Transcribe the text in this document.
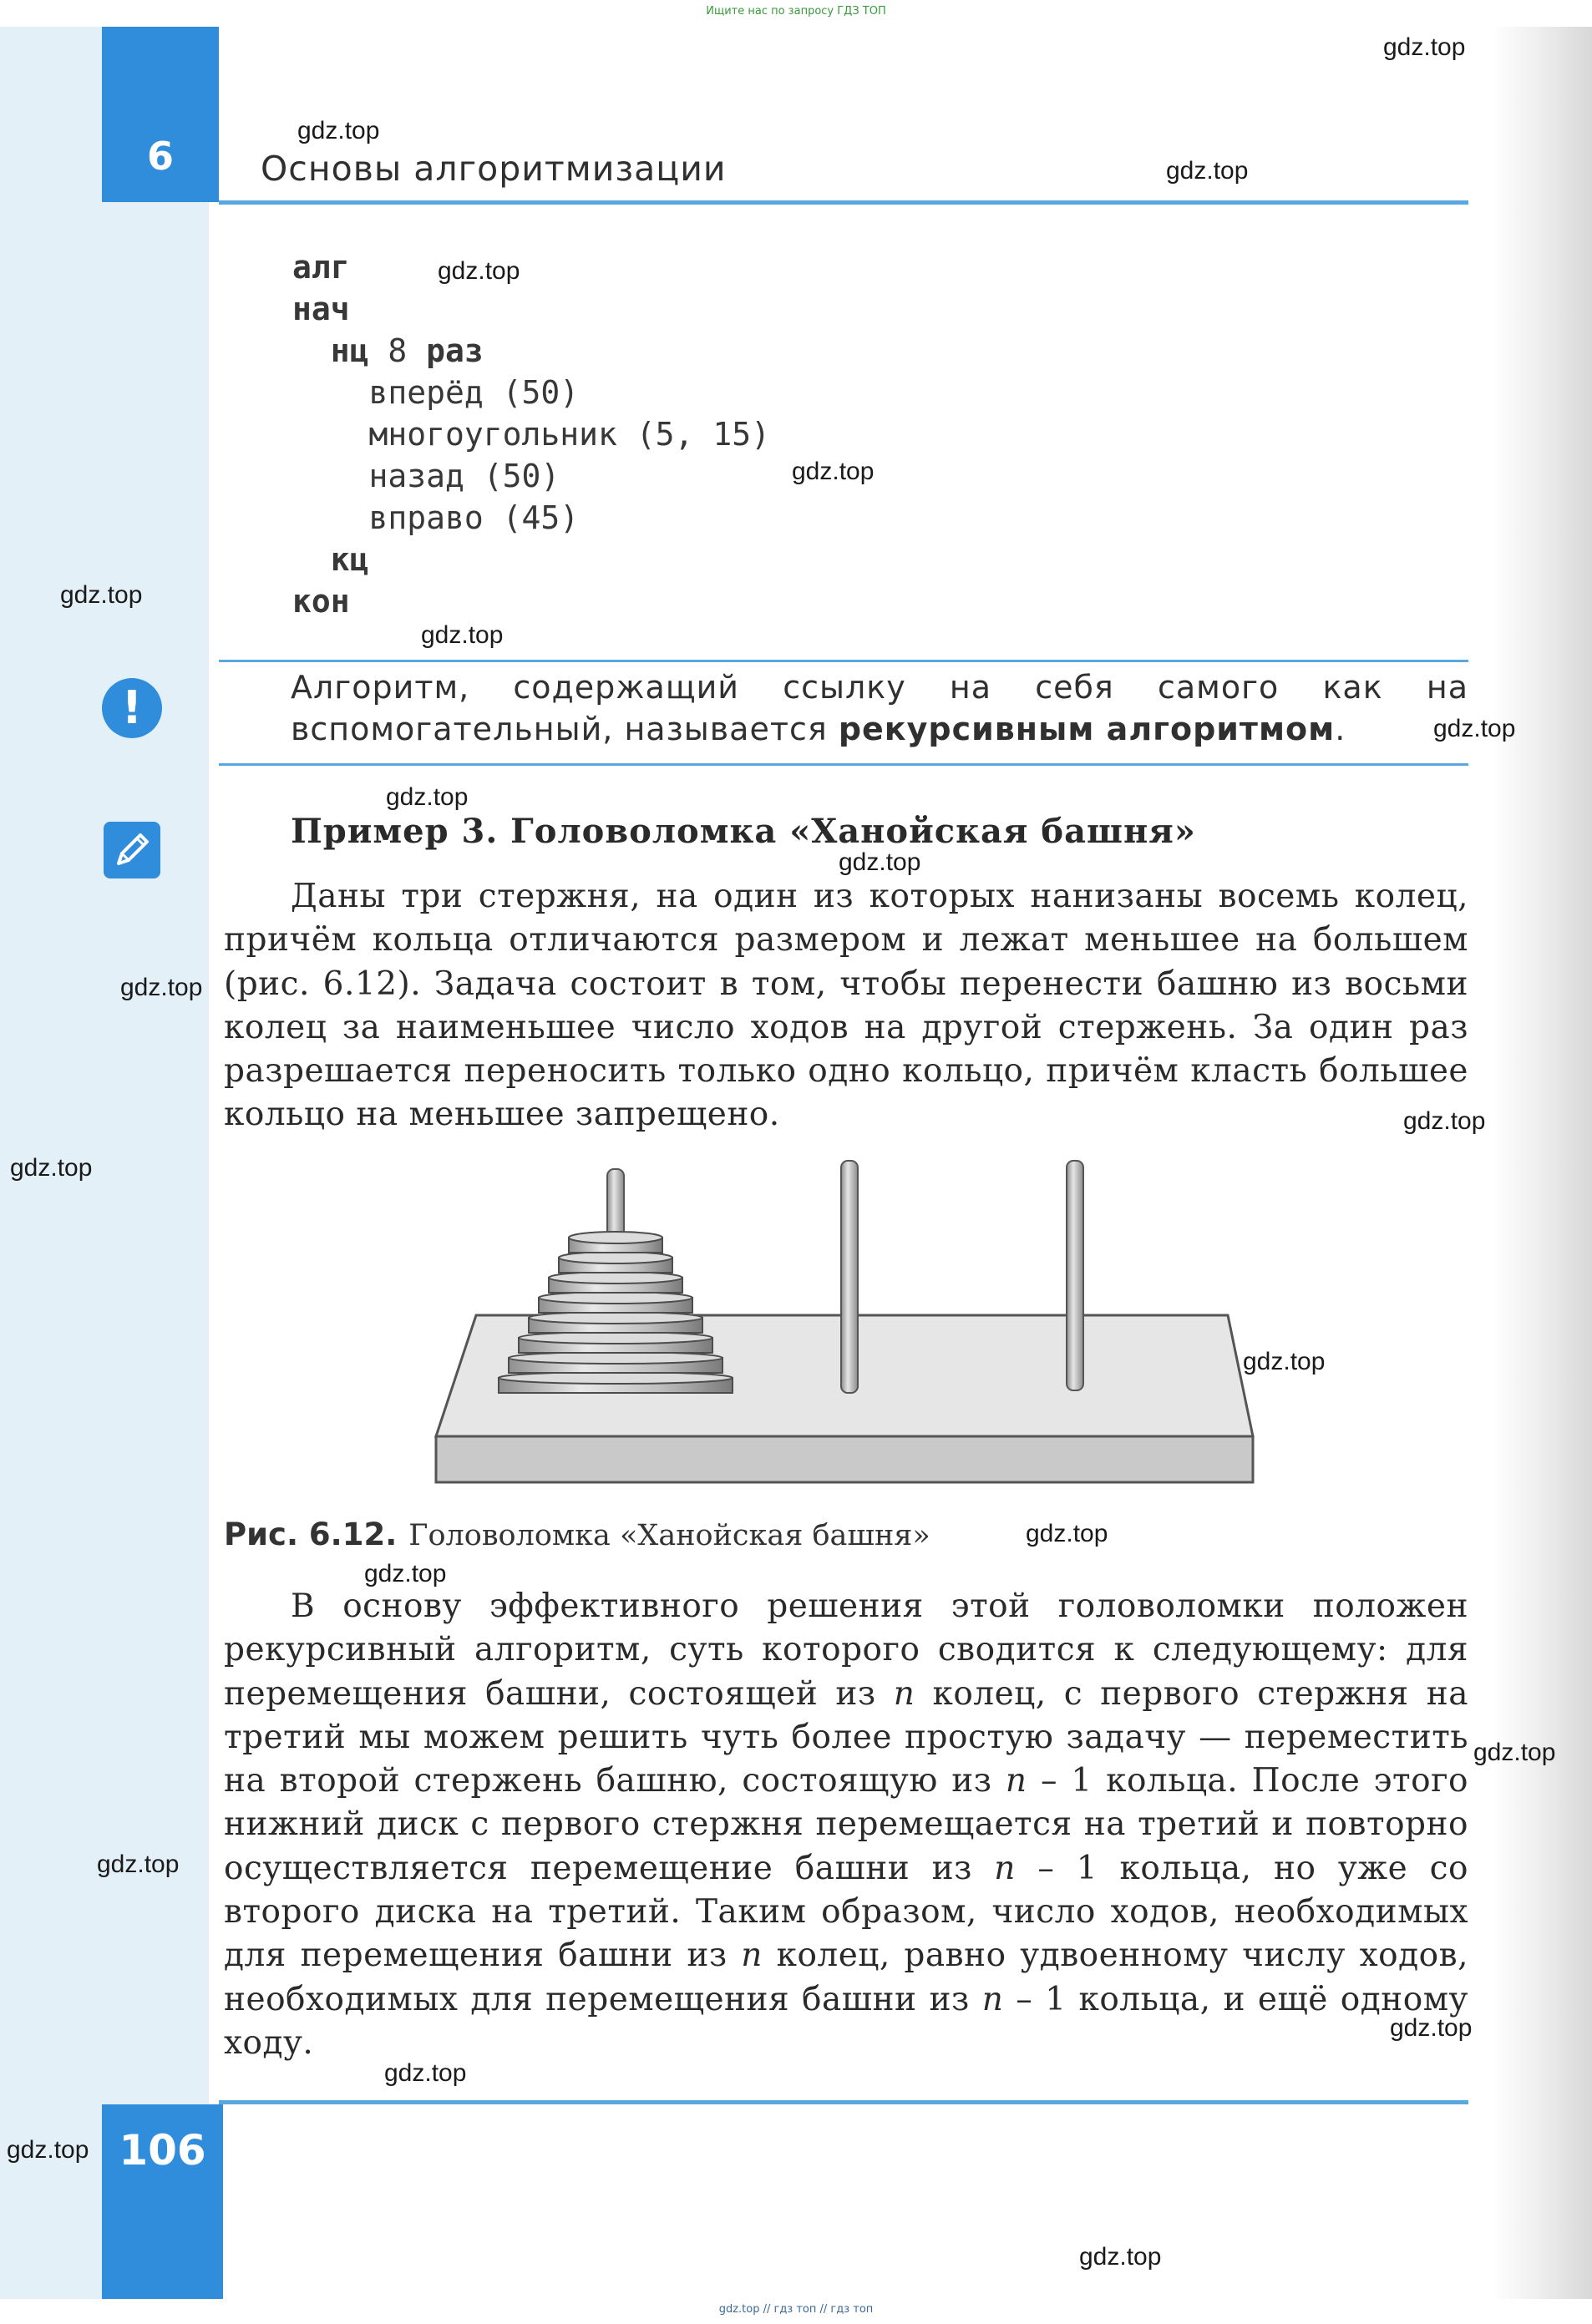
Ищите нас по запросу ГДЗ ТОП
6	Основы алгоритмизации
алг
нач
нц 8 раз
вперёд (50)
многоугольник (5, 15)
назад (50)
вправо (45)
кц
кон
!	Алгоритм, содержащий ссылку на себя самого как на вспомогательный, называется рекурсивным алгоритмом.
Пример 3. Головоломка «Ханойская башня»

Даны три стержня, на один из которых нанизаны восемь колец, причём кольца отличаются размером и лежат меньшее на большем (рис. 6.12). Задача состоит в том, чтобы перенести башню из восьми колец за наименьшее число ходов на другой стержень. За один раз разрешается переносить только одно кольцо, причём класть большее кольцо на меньшее запрещено.

Рис. 6.12. Головоломка «Ханойская башня»

В основу эффективного решения этой головоломки положен рекурсивный алгоритм, суть которого сводится к следующему: для перемещения башни, состоящей из n колец, с первого стержня на третий мы можем решить чуть более простую задачу — переместить на второй стержень башню, состоящую из n – 1 кольца. После этого нижний диск с первого стержня перемещается на третий и повторно осуществляется перемещение башни из n – 1 кольца, но уже со второго диска на третий. Таким образом, число ходов, необходимых для перемещения башни из n колец, равно удвоенному числу ходов, необходимых для перемещения башни из n – 1 кольца, и ещё одному ходу.

106
gdz.top
gdz.top
gdz.top
gdz.top
gdz.top
gdz.top
gdz.top
gdz.top
gdz.top
gdz.top
gdz.top
gdz.top
gdz.top
gdz.top
gdz.top
gdz.top
gdz.top
gdz.top
gdz.top
gdz.top
gdz.top
gdz.top
gdz.top // гдз топ // гдз топ
